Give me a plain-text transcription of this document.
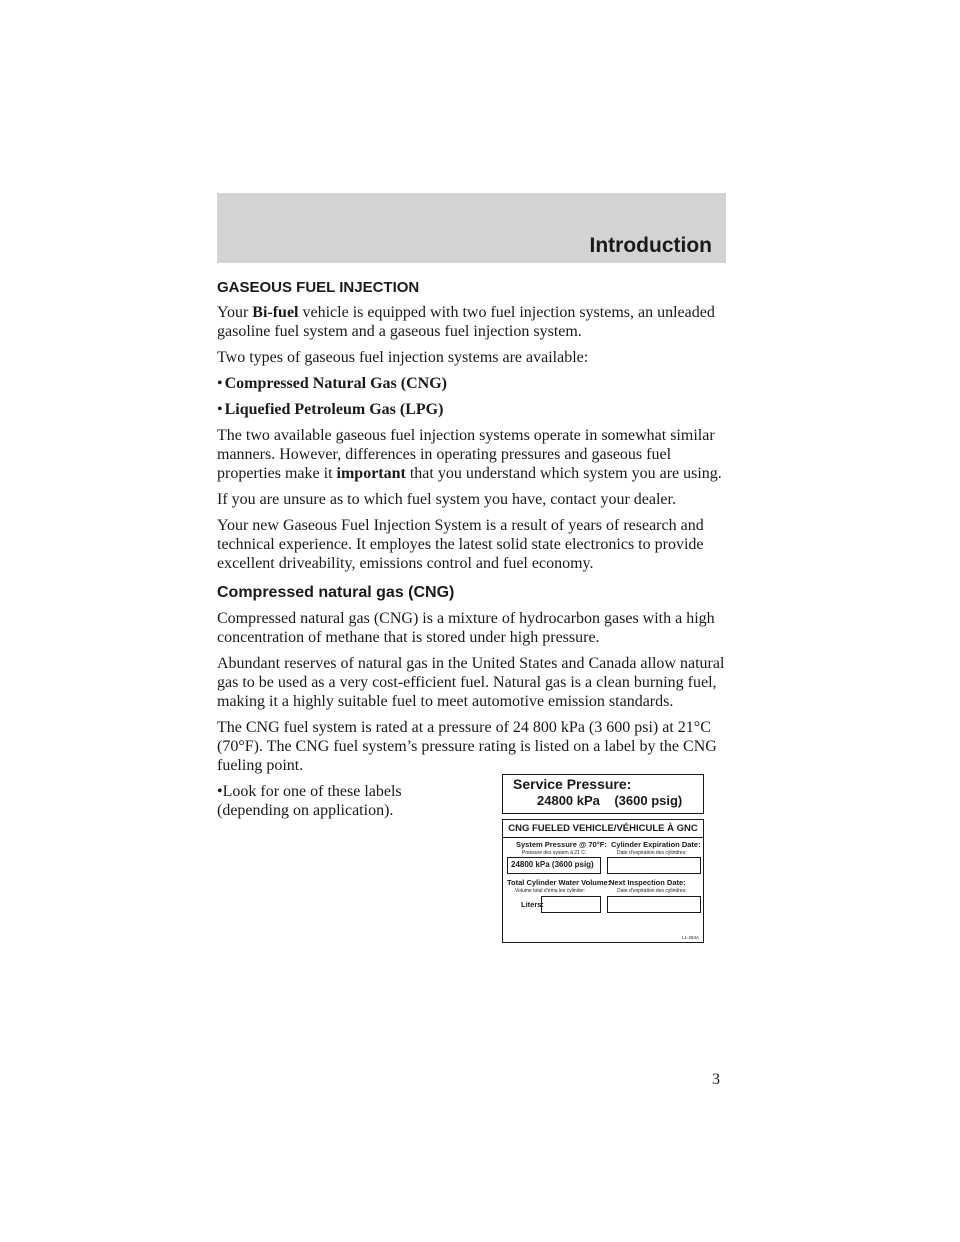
Introduction
GASEOUS FUEL INJECTION

Your Bi-fuel vehicle is equipped with two fuel injection systems, an unleaded gasoline fuel system and a gaseous fuel injection system.

Two types of gaseous fuel injection systems are available:

• Compressed Natural Gas (CNG)
• Liquefied Petroleum Gas (LPG)

The two available gaseous fuel injection systems operate in somewhat similar manners. However, differences in operating pressures and gaseous fuel properties make it important that you understand which system you are using.

If you are unsure as to which fuel system you have, contact your dealer.

Your new Gaseous Fuel Injection System is a result of years of research and technical experience. It employes the latest solid state electronics to provide excellent driveability, emissions control and fuel economy.

Compressed natural gas (CNG)

Compressed natural gas (CNG) is a mixture of hydrocarbon gases with a high concentration of methane that is stored under high pressure.

Abundant reserves of natural gas in the United States and Canada allow natural gas to be used as a very cost-efficient fuel. Natural gas is a clean burning fuel, making it a highly suitable fuel to meet automotive emission standards.

The CNG fuel system is rated at a pressure of 24 800 kPa (3 600 psi) at 21°C (70°F). The CNG fuel system’s pressure rating is listed on a label by the CNG fueling point.

•Look for one of these labels (depending on application).

Service Pressure:
24800 kPa    (3600 psig)
CNG FUELED VEHICLE/VÉHICULE À GNC
System Pressure @ 70°F:
Pressure des system à 21 C:
24800 kPa (3600 psig)
Cylinder Expiration Date:
Date d’expiration des cylindres:
Total Cylinder Water Volume:
Volume total d’ema les cylinder:
Liters:
Next Inspection Date:
Date d’expiration des cylindres:
L1-284A
3
